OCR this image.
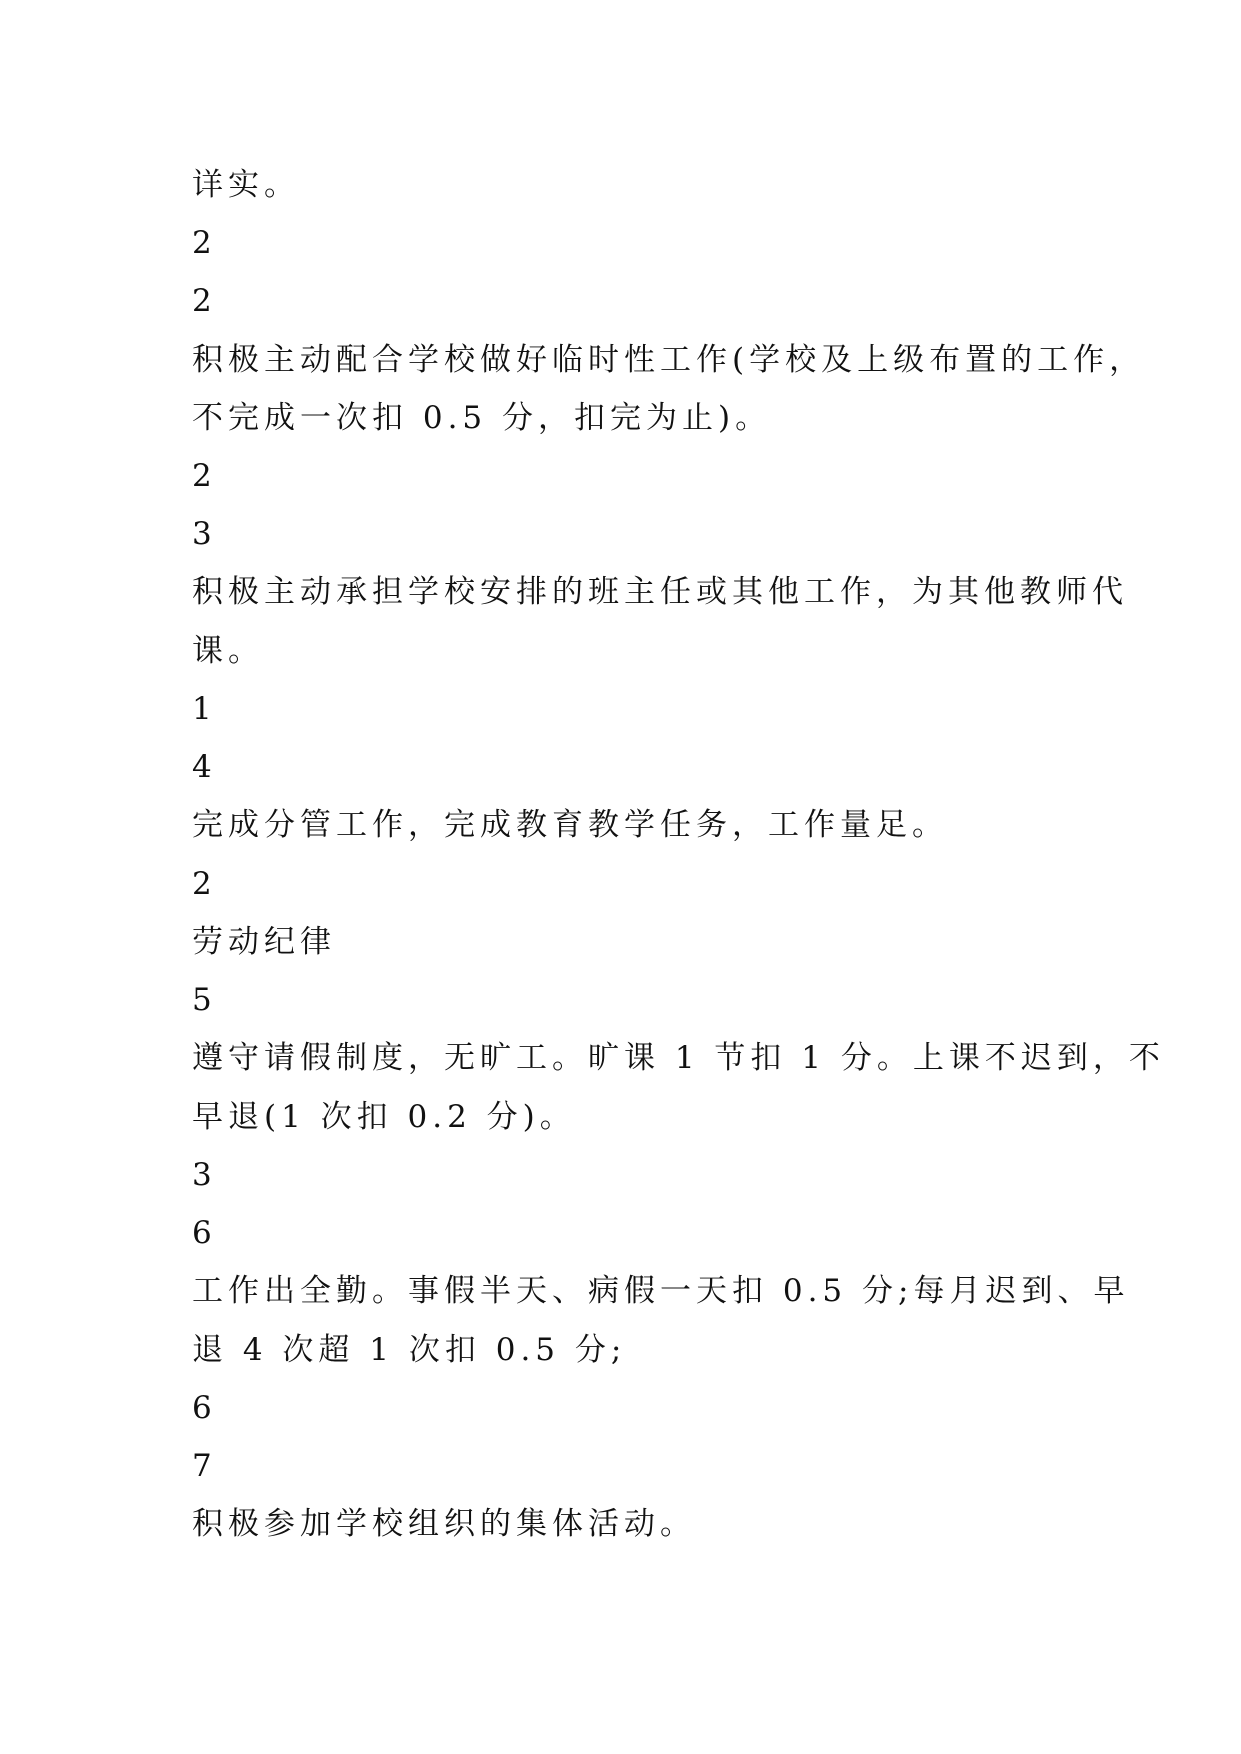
详实。
2
2
积极主动配合学校做好临时性工作(学校及上级布置的工作，
不完成一次扣 0.5 分，扣完为止)。
2
3
积极主动承担学校安排的班主任或其他工作，为其他教师代
课。
1
4
完成分管工作，完成教育教学任务，工作量足。
2
劳动纪律
5
遵守请假制度，无旷工。旷课 1 节扣 1 分。上课不迟到，不
早退(1 次扣 0.2 分)。
3
6
工作出全勤。事假半天、病假一天扣 0.5 分;每月迟到、早
退 4 次超 1 次扣 0.5 分;
6
7
积极参加学校组织的集体活动。
